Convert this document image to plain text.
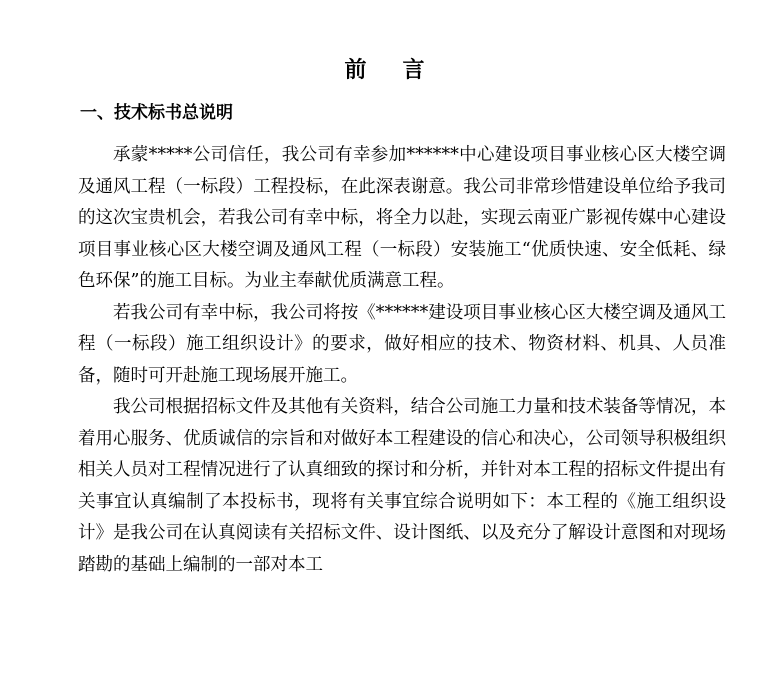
前言
一、技术标书总说明

承蒙*****公司信任，我公司有幸参加******中心建设项目事业核心区大楼空调及通风工程（一标段）工程投标，在此深表谢意。我公司非常珍惜建设单位给予我司的这次宝贵机会，若我公司有幸中标，将全力以赴，实现云南亚广影视传媒中心建设项目事业核心区大楼空调及通风工程（一标段）安装施工“优质快速、安全低耗、绿色环保”的施工目标。为业主奉献优质满意工程。

若我公司有幸中标，我公司将按《******建设项目事业核心区大楼空调及通风工程（一标段）施工组织设计》的要求，做好相应的技术、物资材料、机具、人员准备，随时可开赴施工现场展开施工。

我公司根据招标文件及其他有关资料，结合公司施工力量和技术装备等情况，本着用心服务、优质诚信的宗旨和对做好本工程建设的信心和决心，公司领导积极组织相关人员对工程情况进行了认真细致的探讨和分析，并针对本工程的招标文件提出有关事宜认真编制了本投标书，现将有关事宜综合说明如下：本工程的《施工组织设计》是我公司在认真阅读有关招标文件、设计图纸、以及充分了解设计意图和对现场踏勘的基础上编制的一部对本工
